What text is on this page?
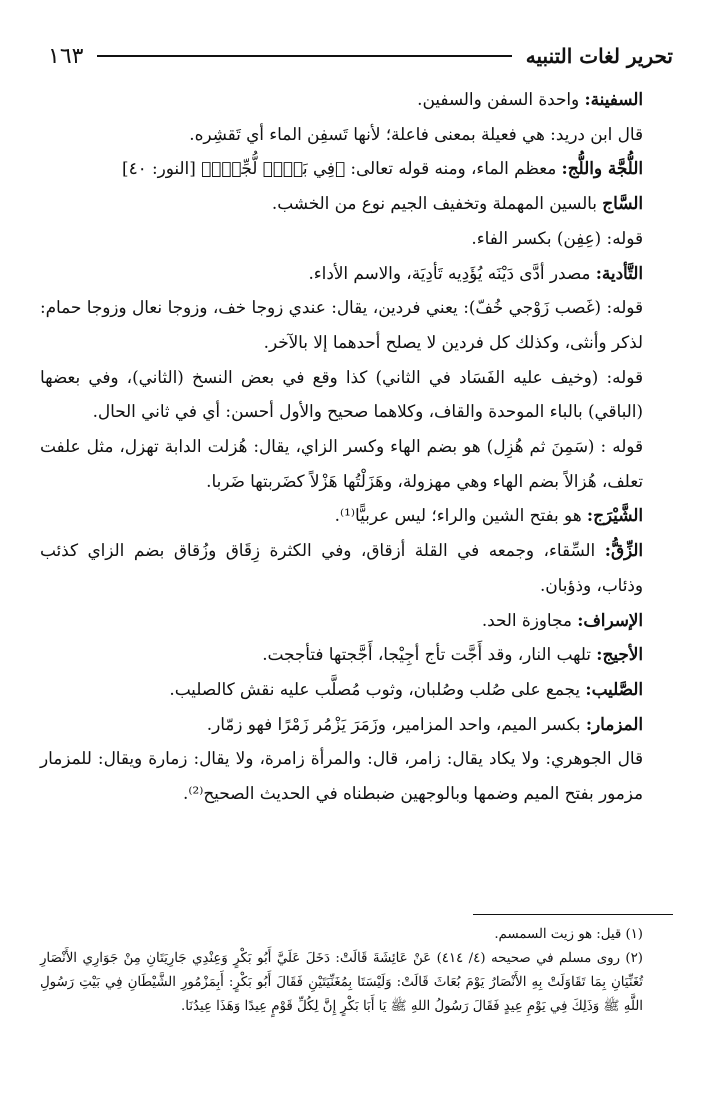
تحرير لغات التنبيه
١٦٣

السفينة: واحدة السفن والسفين.

قال ابن دريد: هي فعيلة بمعنى فاعلة؛ لأنها تَسفِن الماء أي تَقشِره.

اللُّجَّة واللُّج: معظم الماء، ومنه قوله تعالى: ﴿فِي بَحۡرٖ لُّجِّيّٖ﴾ [النور: ٤٠]

السَّاج بالسين المهملة وتخفيف الجيم نوع من الخشب.

قوله: (عِفِن) بكسر الفاء.

التَّأدية: مصدر أدَّى دَيْنَه يُؤَدِيه تَأدِيَة، والاسم الأداء.

قوله: (غَصب زَوْجي خُفّ): يعني فردين، يقال: عندي زوجا خف، وزوجا نعال وزوجا حمام: لذكر وأنثى، وكذلك كل فردين لا يصلح أحدهما إلا بالآخر.

قوله: (وخيف عليه الفَسَاد في الثاني) كذا وقع في بعض النسخ (الثاني)، وفي بعضها (الباقي) بالباء الموحدة والقاف، وكلاهما صحيح والأول أحسن: أي في ثاني الحال.

قوله : (سَمِنَ ثم هُزِل) هو بضم الهاء وكسر الزاي، يقال: هُزلت الدابة تهزل، مثل علفت تعلف، هُزالاً بضم الهاء وهي مهزولة، وهَزَلْتُها هَزْلاً كضَربتها ضَربا.

الشَّيْرَج: هو بفتح الشين والراء؛ ليس عربيًّا⁽¹⁾.

الزِّقُّ: السِّقاء، وجمعه في القلة أزقاق، وفي الكثرة زِقَاق وزُقاق بضم الزاي كذئب وذئاب، وذؤبان.

الإسراف: مجاوزة الحد.

الأجيج: تلهب النار، وقد أَجَّت تأج أجِيْجا، أَجَّجتها فتأججت.

الصَّليب: يجمع على صُلب وصُلبان، وثوب مُصلَّب عليه نقش كالصليب.

المزمار: بكسر الميم، واحد المزامير، وزَمَرَ يَزْمُر زَمْرًا فهو زمّار.

قال الجوهري: ولا يكاد يقال: زامر، قال: والمرأة زامرة، ولا يقال: زمارة ويقال: للمزمار مزمور بفتح الميم وضمها وبالوجهين ضبطناه في الحديث الصحيح⁽²⁾.

(١) قيل: هو زيت السمسم.

(٢) روى مسلم في صحيحه (٤/ ٤١٤) عَنْ عَائِشَةَ قَالَتْ: دَخَلَ عَلَيَّ أَبُو بَكْرٍ وَعِنْدِي جَارِيَتَانِ مِنْ جَوَارِي الأَنْصَارِ تُغَنِّيَانِ بِمَا تَقَاوَلَتْ بِهِ الأَنْصَارُ يَوْمَ بُعَاثَ قَالَتْ: وَلَيْسَتَا بِمُغَنِّيَتَيْنِ فَقَالَ أَبُو بَكْرٍ: أَبِمَزْمُورِ الشَّيْطَانِ فِي بَيْتِ رَسُولِ اللَّهِ ﷺ وَذَلِكَ فِي يَوْمِ عِيدٍ فَقَالَ رَسُولُ اللهِ ﷺ يَا أَبَا بَكْرٍ إِنَّ لِكُلِّ قَوْمٍ عِيدًا وَهَذَا عِيدُنَا.
